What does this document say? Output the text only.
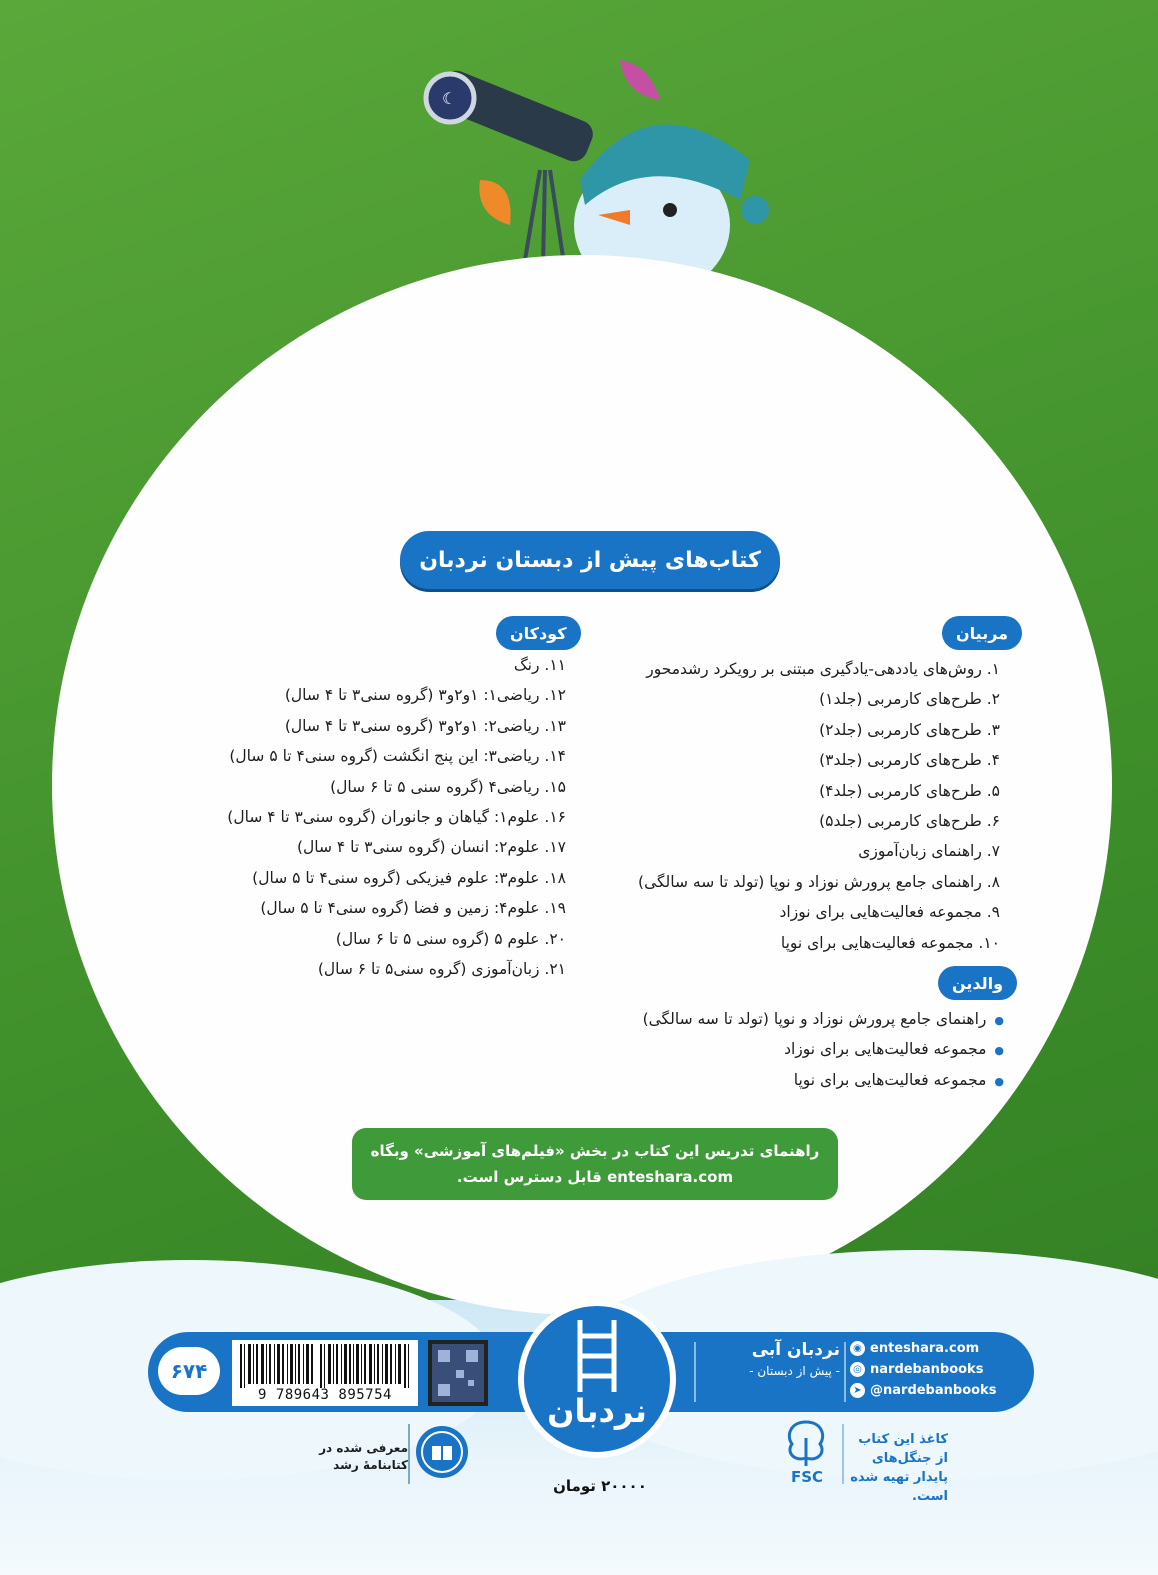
☾
کتاب‌های پیش از دبستان نردبان
مربیان
۱. روش‌های یاددهی-یادگیری مبتنی بر رویکرد رشدمحور
۲. طرح‌های کارمربی (جلد۱)
۳. طرح‌های کارمربی (جلد۲)
۴. طرح‌های کارمربی (جلد۳)
۵. طرح‌های کارمربی (جلد۴)
۶. طرح‌های کارمربی (جلد۵)
۷. راهنمای زبان‌آموزی
۸. راهنمای جامع پرورش نوزاد و نوپا (تولد تا سه سالگی)
۹. مجموعه فعالیت‌هایی برای نوزاد
۱۰. مجموعه فعالیت‌هایی برای نوپا
والدین
● راهنمای جامع پرورش نوزاد و نوپا (تولد تا سه سالگی)
● مجموعه فعالیت‌هایی برای نوزاد
● مجموعه فعالیت‌هایی برای نوپا
کودکان
۱۱. رنگ
۱۲. ریاضی۱: ۱و۲و۳ (گروه سنی۳ تا ۴ سال)
۱۳. ریاضی۲: ۱و۲و۳ (گروه سنی۳ تا ۴ سال)
۱۴. ریاضی۳: این پنج انگشت (گروه سنی۴ تا ۵ سال)
۱۵. ریاضی۴ (گروه سنی ۵ تا ۶ سال)
۱۶. علوم۱: گیاهان و جانوران (گروه سنی۳ تا ۴ سال)
۱۷. علوم۲: انسان (گروه سنی۳ تا ۴ سال)
۱۸. علوم۳: علوم فیزیکی (گروه سنی۴ تا ۵ سال)
۱۹. علوم۴: زمین و فضا (گروه سنی۴ تا ۵ سال)
۲۰. علوم ۵ (گروه سنی ۵ تا ۶ سال)
۲۱. زبان‌آموزی (گروه سنی۵ تا ۶ سال)
راهنمای تدریس این کتاب در بخش «فیلم‌های آموزشی» وبگاه
enteshara.com قابل دسترس است.
۶۷۴
9 789643 895754	نردبان
نردبان آبی
- پیش از دبستان -
◉ enteshara.com
◎ nardebanbooks
➤ @nardebanbooks
FSC
کاغذ این کتاب از جنگل‌های پایدار تهیه شده است.
معرفی شده در کتابنامهٔ رشد
۲۰۰۰۰ تومان
